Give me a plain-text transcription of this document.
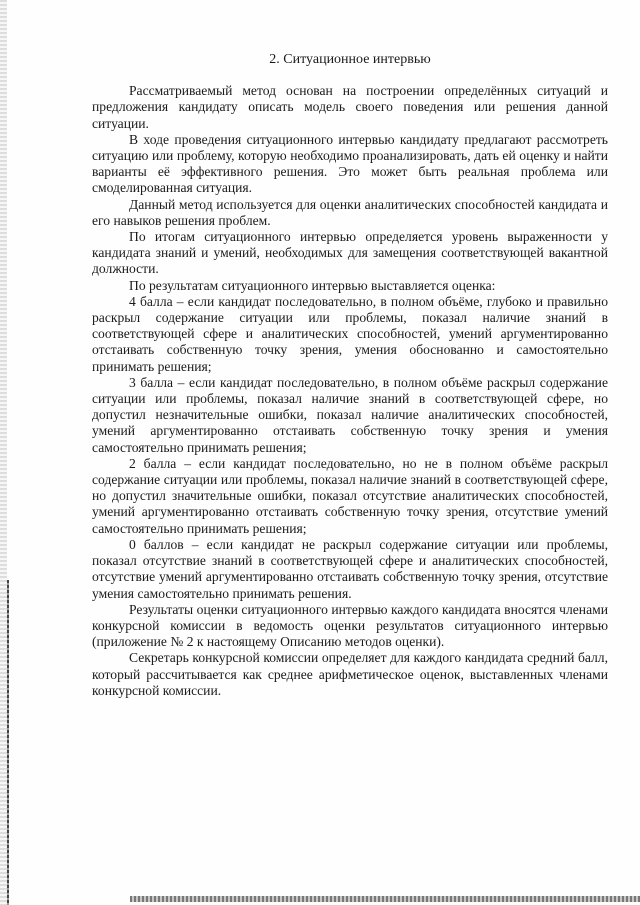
2. Ситуационное интервью

Рассматриваемый метод основан на построении определённых ситуаций и предложения кандидату описать модель своего поведения или решения данной ситуации.

В ходе проведения ситуационного интервью кандидату предлагают рассмотреть ситуацию или проблему, которую необходимо проанализировать, дать ей оценку и найти варианты её эффективного решения. Это может быть реальная проблема или смоделированная ситуация.

Данный метод используется для оценки аналитических способностей кандидата и его навыков решения проблем.

По итогам ситуационного интервью определяется уровень выраженности у кандидата знаний и умений, необходимых для замещения соответствующей вакантной должности.

По результатам ситуационного интервью выставляется оценка:

4 балла – если кандидат последовательно, в полном объёме, глубоко и правильно раскрыл содержание ситуации или проблемы, показал наличие знаний в соответствующей сфере и аналитических способностей, умений аргументированно отстаивать собственную точку зрения, умения обоснованно и самостоятельно принимать решения;

3 балла – если кандидат последовательно, в полном объёме раскрыл содержание ситуации или проблемы, показал наличие знаний в соответствующей сфере, но допустил незначительные ошибки, показал наличие аналитических способностей, умений аргументированно отстаивать собственную точку зрения и умения самостоятельно принимать решения;

2 балла – если кандидат последовательно, но не в полном объёме раскрыл содержание ситуации или проблемы, показал наличие знаний в соответствующей сфере, но допустил значительные ошибки, показал отсутствие аналитических способностей, умений аргументированно отстаивать собственную точку зрения, отсутствие умений самостоятельно принимать решения;

0 баллов – если кандидат не раскрыл содержание ситуации или проблемы, показал отсутствие знаний в соответствующей сфере и аналитических способностей, отсутствие умений аргументированно отстаивать собственную точку зрения, отсутствие умения самостоятельно принимать решения.

Результаты оценки ситуационного интервью каждого кандидата вносятся членами конкурсной комиссии в ведомость оценки результатов ситуационного интервью (приложение № 2 к настоящему Описанию методов оценки).

Секретарь конкурсной комиссии определяет для каждого кандидата средний балл, который рассчитывается как среднее арифметическое оценок, выставленных членами конкурсной комиссии.
